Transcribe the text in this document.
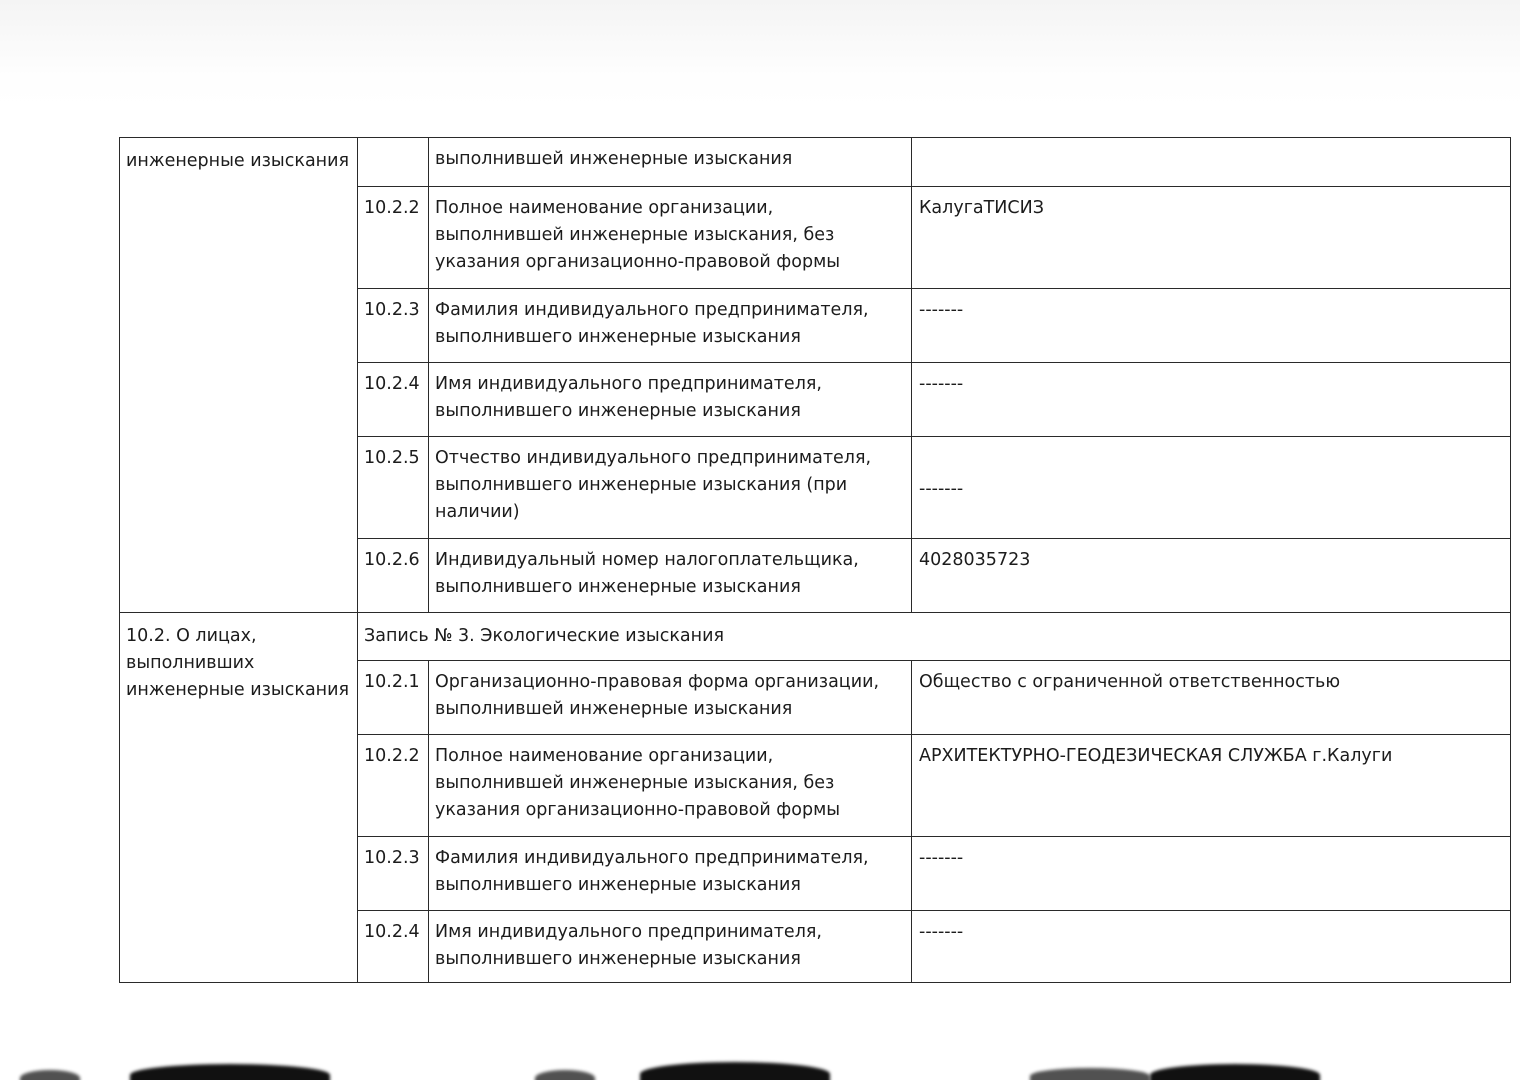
инженерные изыскания		выполнившей инженерные изыскания	
	10.2.2	Полное наименование организации, выполнившей инженерные изыскания, без указания организационно-правовой формы	КалугаТИСИЗ
	10.2.3	Фамилия индивидуального предпринимателя, выполнившего инженерные изыскания	-------
	10.2.4	Имя индивидуального предпринимателя, выполнившего инженерные изыскания	-------
	10.2.5	Отчество индивидуального предпринимателя, выполнившего инженерные изыскания (при наличии)	-------
	10.2.6	Индивидуальный номер налогоплательщика, выполнившего инженерные изыскания	4028035723
10.2. О лицах, выполнивших инженерные изыскания	Запись № 3. Экологические изыскания		
	10.2.1	Организационно-правовая форма организации, выполнившей инженерные изыскания	Общество с ограниченной ответственностью
	10.2.2	Полное наименование организации, выполнившей инженерные изыскания, без указания организационно-правовой формы	АРХИТЕКТУРНО-ГЕОДЕЗИЧЕСКАЯ СЛУЖБА г.Калуги
	10.2.3	Фамилия индивидуального предпринимателя, выполнившего инженерные изыскания	-------
	10.2.4	Имя индивидуального предпринимателя, выполнившего инженерные изыскания	-------
